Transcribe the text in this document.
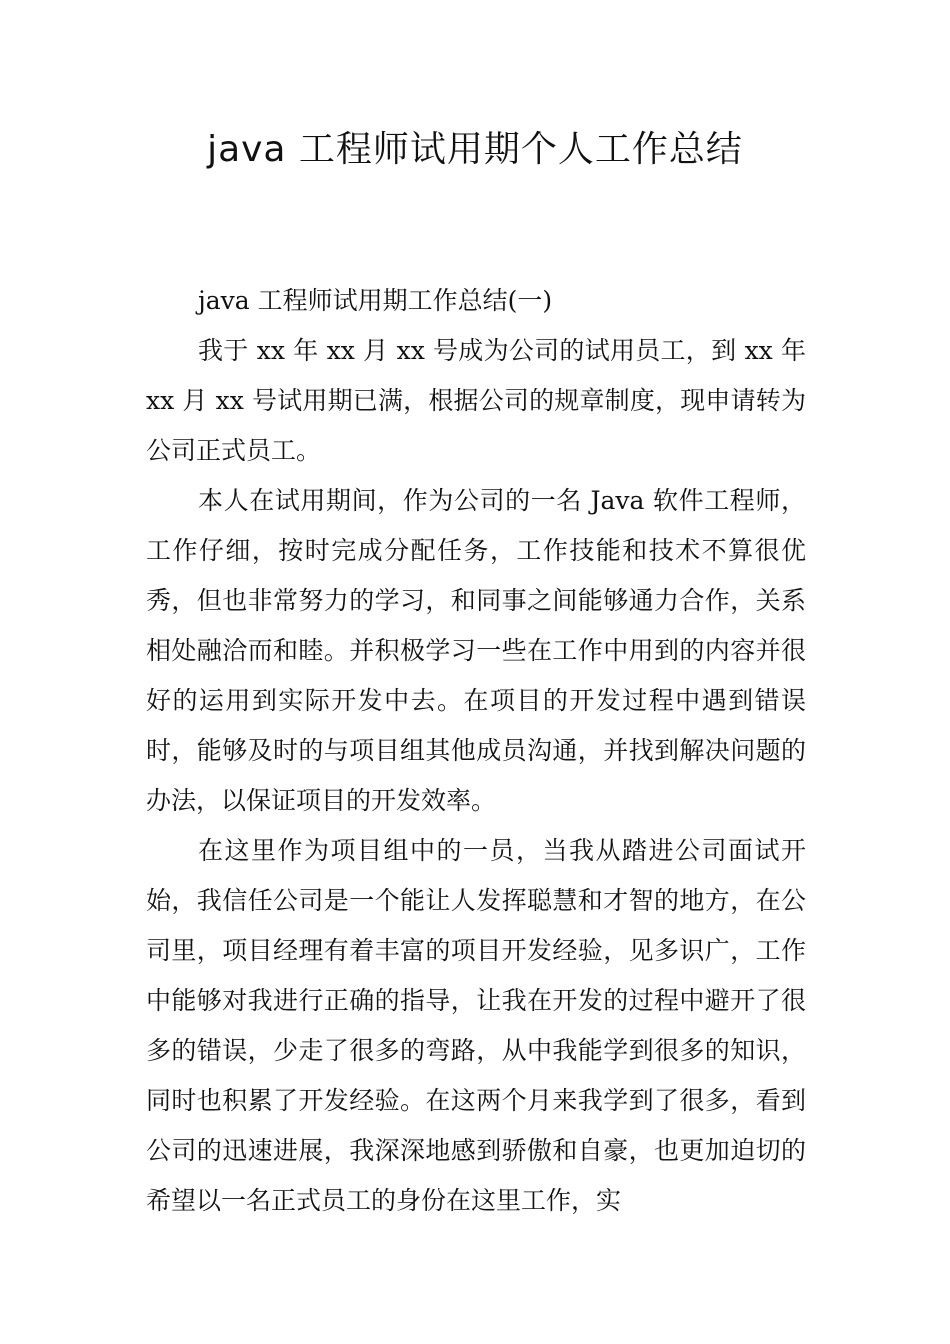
java 工程师试用期个人工作总结

java 工程师试用期工作总结(一)

我于 xx 年 xx 月 xx 号成为公司的试用员工，到 xx 年 xx 月 xx 号试用期已满，根据公司的规章制度，现申请转为公司正式员工。

本人在试用期间，作为公司的一名 Java 软件工程师，工作仔细，按时完成分配任务，工作技能和技术不算很优秀，但也非常努力的学习，和同事之间能够通力合作，关系相处融洽而和睦。并积极学习一些在工作中用到的内容并很好的运用到实际开发中去。在项目的开发过程中遇到错误时，能够及时的与项目组其他成员沟通，并找到解决问题的办法，以保证项目的开发效率。

在这里作为项目组中的一员，当我从踏进公司面试开始，我信任公司是一个能让人发挥聪慧和才智的地方，在公司里，项目经理有着丰富的项目开发经验，见多识广，工作中能够对我进行正确的指导，让我在开发的过程中避开了很多的错误，少走了很多的弯路，从中我能学到很多的知识，同时也积累了开发经验。在这两个月来我学到了很多，看到公司的迅速进展，我深深地感到骄傲和自豪，也更加迫切的希望以一名正式员工的身份在这里工作，实
